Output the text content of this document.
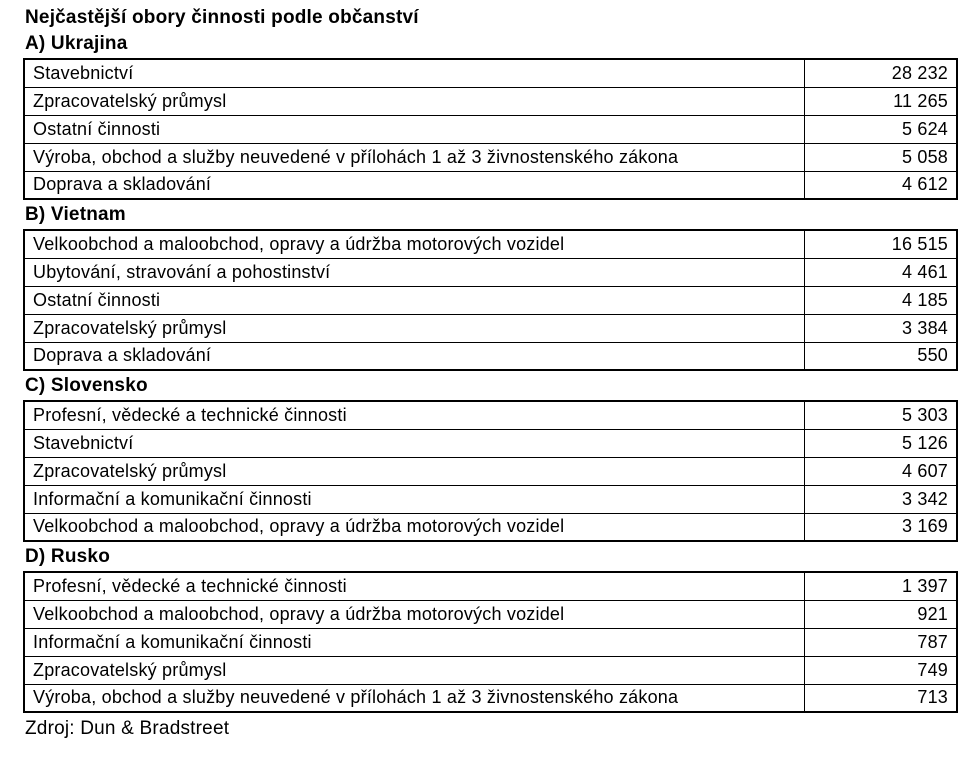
Nejčastější obory činnosti podle občanství
A) Ukrajina
Stavebnictví	28 232
Zpracovatelský průmysl	11 265
Ostatní činnosti	5 624
Výroba, obchod a služby neuvedené v přílohách 1 až 3 živnostenského zákona	5 058
Doprava a skladování	4 612
B) Vietnam
Velkoobchod a maloobchod, opravy a údržba motorových vozidel	16 515
Ubytování, stravování a pohostinství	4 461
Ostatní činnosti	4 185
Zpracovatelský průmysl	3 384
Doprava a skladování	550
C) Slovensko
Profesní, vědecké a technické činnosti	5 303
Stavebnictví	5 126
Zpracovatelský průmysl	4 607
Informační a komunikační činnosti	3 342
Velkoobchod a maloobchod, opravy a údržba motorových vozidel	3 169
D) Rusko
Profesní, vědecké a technické činnosti	1 397
Velkoobchod a maloobchod, opravy a údržba motorových vozidel	921
Informační a komunikační činnosti	787
Zpracovatelský průmysl	749
Výroba, obchod a služby neuvedené v přílohách 1 až 3 živnostenského zákona	713
Zdroj: Dun & Bradstreet
